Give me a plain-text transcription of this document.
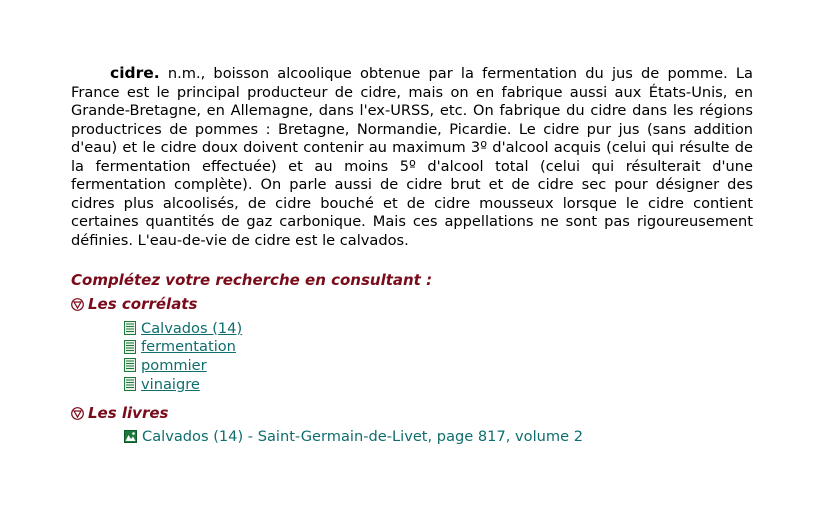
cidre. n.m., boisson alcoolique obtenue par la fermentation du jus de pomme. La France est le principal producteur de cidre, mais on en fabrique aussi aux États-Unis, en Grande-Bretagne, en Allemagne, dans l'ex-URSS, etc. On fabrique du cidre dans les régions productrices de pommes : Bretagne, Normandie, Picardie. Le cidre pur jus (sans addition d'eau) et le cidre doux doivent contenir au maximum 3º d'alcool acquis (celui qui résulte de la fermentation effectuée) et au moins 5º d'alcool total (celui qui résulterait d'une fermentation complète). On parle aussi de cidre brut et de cidre sec pour désigner des cidres plus alcoolisés, de cidre bouché et de cidre mousseux lorsque le cidre contient certaines quantités de gaz carbonique. Mais ces appellations ne sont pas rigoureusement définies. L'eau-de-vie de cidre est le calvados.

Complétez votre recherche en consultant :
Les corrélats
Calvados (14)
fermentation
pommier
vinaigre
Les livres
Calvados (14) - Saint-Germain-de-Livet, page 817, volume 2
